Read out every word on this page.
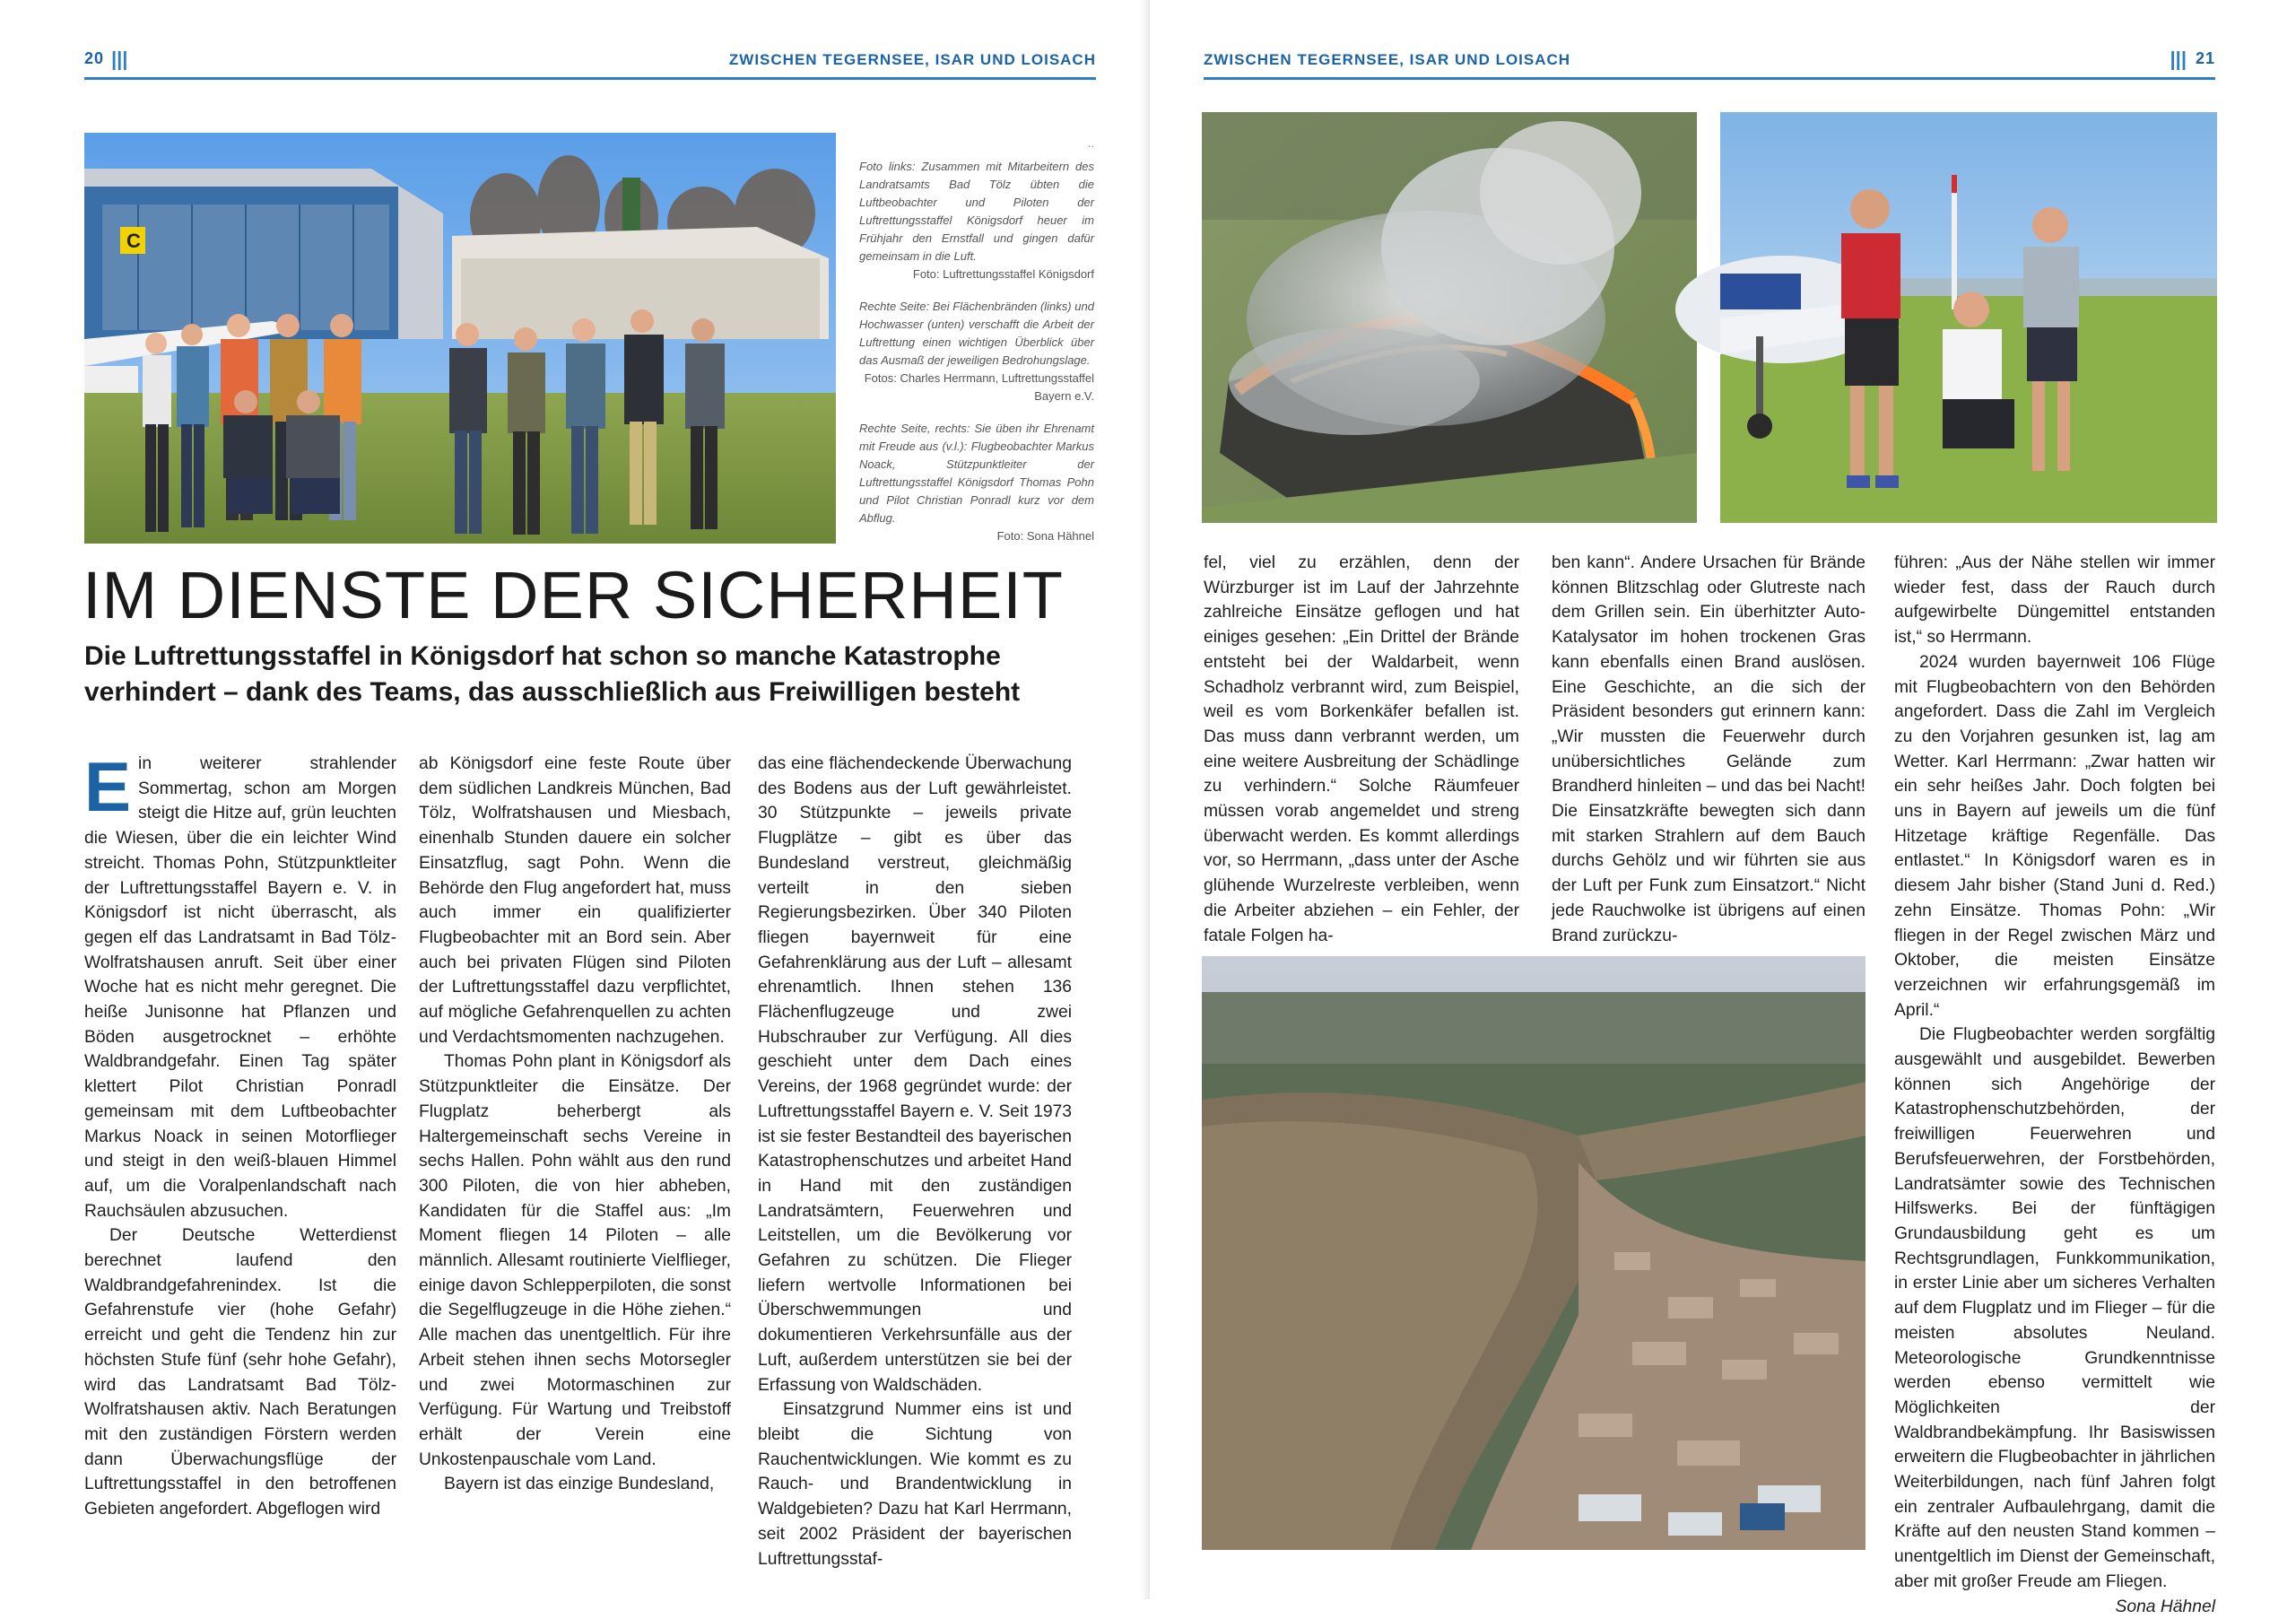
20 |||	ZWISCHEN TEGERNSEE, ISAR UND LOISACH
C
..

Foto links: Zusammen mit Mitarbeitern des Landratsamts Bad Tölz übten die Luftbeobachter und Piloten der Luftrettungsstaffel Königsdorf heuer im Frühjahr den Ernstfall und gingen dafür gemeinsam in die Luft.
Foto: Luftrettungsstaffel Königsdorf

Rechte Seite: Bei Flächenbränden (links) und Hochwasser (unten) verschafft die Arbeit der Luftrettung einen wichtigen Überblick über das Ausmaß der jeweiligen Bedrohungslage.
Fotos: Charles Herrmann, Luftrettungsstaffel Bayern e.V.

Rechte Seite, rechts: Sie üben ihr Ehrenamt mit Freude aus (v.l.): Flugbeobachter Markus Noack, Stützpunktleiter der Luftrettungsstaffel Königsdorf Thomas Pohn und Pilot Christian Ponradl kurz vor dem Abflug.
Foto: Sona Hähnel

IM DIENSTE DER SICHERHEIT
Die Luftrettungsstaffel in Königsdorf hat schon so manche Katastrophe verhindert – dank des Teams, das ausschließlich aus Freiwilligen besteht

Ein weiterer strahlender Sommertag, schon am Morgen steigt die Hitze auf, grün leuchten die Wiesen, über die ein leichter Wind streicht. Thomas Pohn, Stützpunktleiter der Luftrettungsstaffel Bayern e. V. in Königsdorf ist nicht überrascht, als gegen elf das Landratsamt in Bad Tölz-Wolfratshausen anruft. Seit über einer Woche hat es nicht mehr geregnet. Die heiße Junisonne hat Pflanzen und Böden ausgetrocknet – erhöhte Waldbrandgefahr. Einen Tag später klettert Pilot Christian Ponradl gemeinsam mit dem Luftbeobachter Markus Noack in seinen Motorflieger und steigt in den weiß-blauen Himmel auf, um die Voralpenlandschaft nach Rauchsäulen abzusuchen.

Der Deutsche Wetterdienst berechnet laufend den Waldbrandgefahrenindex. Ist die Gefahrenstufe vier (hohe Gefahr) erreicht und geht die Tendenz hin zur höchsten Stufe fünf (sehr hohe Gefahr), wird das Landratsamt Bad Tölz-Wolfratshausen aktiv. Nach Beratungen mit den zuständigen Förstern werden dann Überwachungsflüge der Luftrettungsstaffel in den betroffenen Gebieten angefordert. Abgeflogen wird

ab Königsdorf eine feste Route über dem südlichen Landkreis München, Bad Tölz, Wolfratshausen und Miesbach, einenhalb Stunden dauere ein solcher Einsatzflug, sagt Pohn. Wenn die Behörde den Flug angefordert hat, muss auch immer ein qualifizierter Flugbeobachter mit an Bord sein. Aber auch bei privaten Flügen sind Piloten der Luftrettungsstaffel dazu verpflichtet, auf mögliche Gefahrenquellen zu achten und Verdachtsmomenten nachzugehen.

Thomas Pohn plant in Königsdorf als Stützpunktleiter die Einsätze. Der Flugplatz beherbergt als Haltergemeinschaft sechs Vereine in sechs Hallen. Pohn wählt aus den rund 300 Piloten, die von hier abheben, Kandidaten für die Staffel aus: „Im Moment fliegen 14 Piloten – alle männlich. Allesamt routinierte Vielflieger, einige davon Schlepperpiloten, die sonst die Segelflugzeuge in die Höhe ziehen.“ Alle machen das unentgeltlich. Für ihre Arbeit stehen ihnen sechs Motorsegler und zwei Motormaschinen zur Verfügung. Für Wartung und Treibstoff erhält der Verein eine Unkostenpauschale vom Land.

Bayern ist das einzige Bundesland,

das eine flächendeckende Überwachung des Bodens aus der Luft gewährleistet. 30 Stützpunkte – jeweils private Flugplätze – gibt es über das Bundesland verstreut, gleichmäßig verteilt in den sieben Regierungsbezirken. Über 340 Piloten fliegen bayernweit für eine Gefahrenklärung aus der Luft – allesamt ehrenamtlich. Ihnen stehen 136 Flächenflugzeuge und zwei Hubschrauber zur Verfügung. All dies geschieht unter dem Dach eines Vereins, der 1968 gegründet wurde: der Luftrettungsstaffel Bayern e. V. Seit 1973 ist sie fester Bestandteil des bayerischen Katastrophenschutzes und arbeitet Hand in Hand mit den zuständigen Landratsämtern, Feuerwehren und Leitstellen, um die Bevölkerung vor Gefahren zu schützen. Die Flieger liefern wertvolle Informationen bei Überschwemmungen und dokumentieren Verkehrsunfälle aus der Luft, außerdem unterstützen sie bei der Erfassung von Waldschäden.

Einsatzgrund Nummer eins ist und bleibt die Sichtung von Rauchentwicklungen. Wie kommt es zu Rauch- und Brandentwicklung in Waldgebieten? Dazu hat Karl Herrmann, seit 2002 Präsident der bayerischen Luftrettungsstaf-

ZWISCHEN TEGERNSEE, ISAR UND LOISACH	||| 21

fel, viel zu erzählen, denn der Würzburger ist im Lauf der Jahrzehnte zahlreiche Einsätze geflogen und hat einiges gesehen: „Ein Drittel der Brände entsteht bei der Waldarbeit, wenn Schadholz verbrannt wird, zum Beispiel, weil es vom Borkenkäfer befallen ist. Das muss dann verbrannt werden, um eine weitere Ausbreitung der Schädlinge zu verhindern.“ Solche Räumfeuer müssen vorab angemeldet und streng überwacht werden. Es kommt allerdings vor, so Herrmann, „dass unter der Asche glühende Wurzelreste verbleiben, wenn die Arbeiter abziehen – ein Fehler, der fatale Folgen ha-

ben kann“. Andere Ursachen für Brände können Blitzschlag oder Glutreste nach dem Grillen sein. Ein überhitzter Auto-Katalysator im hohen trockenen Gras kann ebenfalls einen Brand auslösen. Eine Geschichte, an die sich der Präsident besonders gut erinnern kann: „Wir mussten die Feuerwehr durch unübersichtliches Gelände zum Brandherd hinleiten – und das bei Nacht! Die Einsatzkräfte bewegten sich dann mit starken Strahlern auf dem Bauch durchs Gehölz und wir führten sie aus der Luft per Funk zum Einsatzort.“ Nicht jede Rauchwolke ist übrigens auf einen Brand zurückzu-

führen: „Aus der Nähe stellen wir immer wieder fest, dass der Rauch durch aufgewirbelte Düngemittel entstanden ist,“ so Herrmann.

2024 wurden bayernweit 106 Flüge mit Flugbeobachtern von den Behörden angefordert. Dass die Zahl im Vergleich zu den Vorjahren gesunken ist, lag am Wetter. Karl Herrmann: „Zwar hatten wir ein sehr heißes Jahr. Doch folgten bei uns in Bayern auf jeweils um die fünf Hitzetage kräftige Regenfälle. Das entlastet.“ In Königsdorf waren es in diesem Jahr bisher (Stand Juni d. Red.) zehn Einsätze. Thomas Pohn: „Wir fliegen in der Regel zwischen März und Oktober, die meisten Einsätze verzeichnen wir erfahrungsgemäß im April.“

Die Flugbeobachter werden sorgfältig ausgewählt und ausgebildet. Bewerben können sich Angehörige der Katastrophenschutzbehörden, der freiwilligen Feuerwehren und Berufsfeuerwehren, der Forstbehörden, Landratsämter sowie des Technischen Hilfswerks. Bei der fünftägigen Grundausbildung geht es um Rechtsgrundlagen, Funkkommunikation, in erster Linie aber um sicheres Verhalten auf dem Flugplatz und im Flieger – für die meisten absolutes Neuland. Meteorologische Grundkenntnisse werden ebenso vermittelt wie Möglichkeiten der Waldbrandbekämpfung. Ihr Basiswissen erweitern die Flugbeobachter in jährlichen Weiterbildungen, nach fünf Jahren folgt ein zentraler Aufbaulehrgang, damit die Kräfte auf den neusten Stand kommen – unentgeltlich im Dienst der Gemeinschaft, aber mit großer Freude am Fliegen.

Sona Hähnel
